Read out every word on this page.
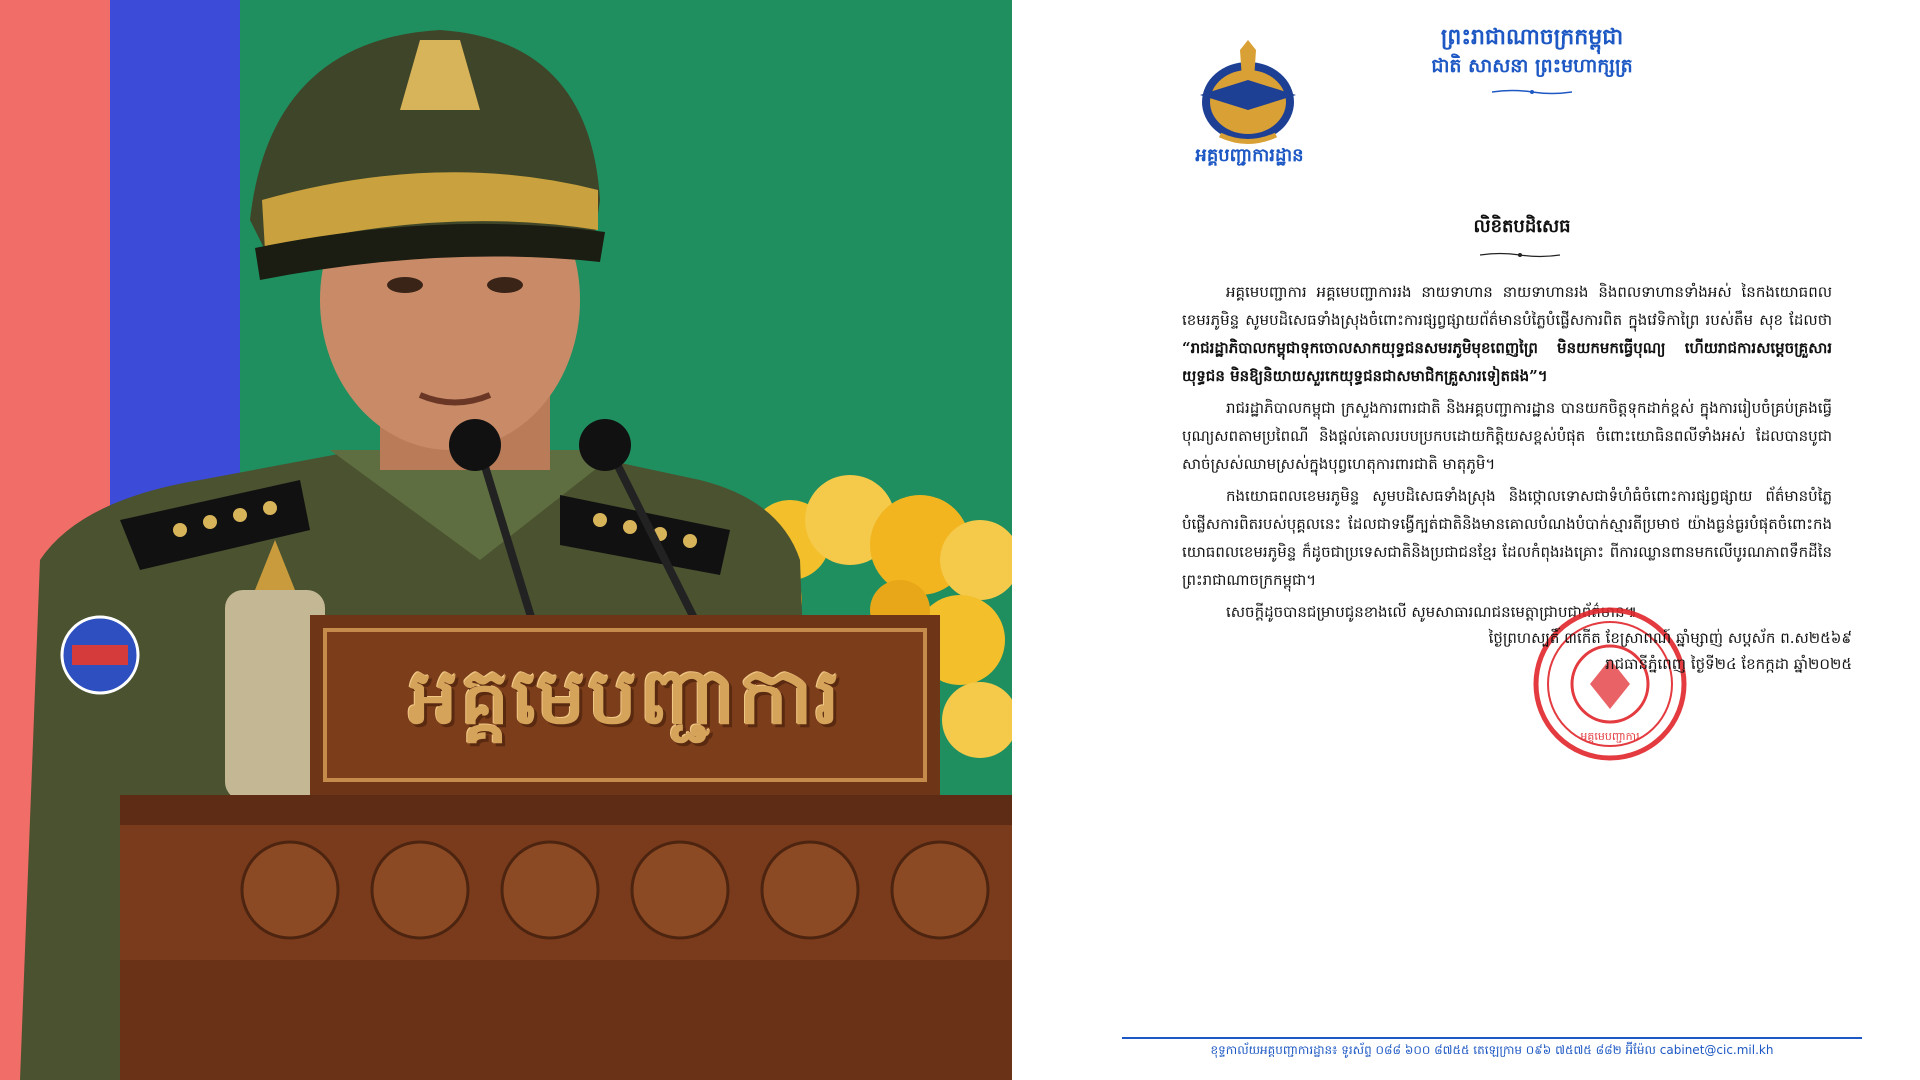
អគ្គមេបញ្ជាការ
ព្រះរាជាណាចក្រកម្ពុជា
ជាតិ សាសនា ព្រះមហាក្សត្រ
អគ្គបញ្ជាការដ្ឋាន
លិខិតបដិសេធ

អគ្គមេបញ្ជាការ អគ្គមេបញ្ជាការរង នាយទាហាន នាយទាហានរង និងពលទាហានទាំងអស់ នៃកងយោធពលខេមរភូមិន្ទ សូមបដិសេធទាំងស្រុងចំពោះការផ្សព្វផ្សាយព័ត៌មានបំភ្លៃបំផ្លើសការពិត ក្នុងវេទិកាព្រៃ របស់តឹម សុខ ដែលថា “រាជរដ្ឋាភិបាលកម្ពុជាទុកចោលសាកយុទ្ធជនសមរភូមិមុខពេញព្រៃ មិនយកមកធ្វើបុណ្យ ហើយរាជការសម្តេចគ្រួសារយុទ្ធជន មិនឱ្យនិយាយសួរកេយុទ្ធជនជាសមាជិកគ្រួសារទៀតផង”។

រាជរដ្ឋាភិបាលកម្ពុជា ក្រសួងការពារជាតិ និងអគ្គបញ្ជាការដ្ឋាន បានយកចិត្តទុកដាក់ខ្ពស់ ក្នុងការរៀបចំគ្រប់គ្រងធ្វើបុណ្យសពតាមប្រពៃណី និងផ្តល់គោលរបបប្រកបដោយកិត្តិយសខ្ពស់បំផុត ចំពោះយោធិនពលីទាំងអស់ ដែលបានបូជាសាច់ស្រស់ឈាមស្រស់ក្នុងបុព្វហេតុការពារជាតិ មាតុភូមិ។

កងយោធពលខេមរភូមិន្ទ សូមបដិសេធទាំងស្រុង និងថ្កោលទោសជាទំហំធំចំពោះការផ្សព្វផ្សាយ ព័ត៌មានបំភ្លៃបំផ្លើសការពិតរបស់បុគ្គលនេះ ដែលជាទង្វើក្បត់ជាតិនិងមានគោលបំណងបំបាក់ស្មារតីប្រមាថ យ៉ាងធ្ងន់ធ្ងរបំផុតចំពោះកងយោធពលខេមរភូមិន្ទ ក៏ដូចជាប្រទេសជាតិនិងប្រជាជនខ្មែរ ដែលកំពុងរងគ្រោះ ពីការឈ្លានពានមកលើបូរណភាពទឹកដីនៃព្រះរាជាណាចក្រកម្ពុជា។

សេចក្តីដូចបានជម្រាបជូនខាងលើ សូមសាធារណជនមេត្តាជ្រាបជាព័ត៌មាន៕

អគ្គមេបញ្ជាការ
ថ្ងៃព្រហស្បតិ៍ ៣កើត ខែស្រាពណ៍ ឆ្នាំម្សាញ់ សប្តស័ក ព.ស២៥៦៩
រាជធានីភ្នំពេញ ថ្ងៃទី២៤ ខែកក្កដា ឆ្នាំ២០២៥
ខុទ្ទកាល័យអគ្គបញ្ជាការដ្ឋាន៖ ទូរស័ព្ទ ០៨៨ ៦០០ ៨៧៥៥ តេឡេក្រាម ០៩៦ ៧៥៧៥ ៨៨២ អ៊ីម៉ែល cabinet@cic.mil.kh
